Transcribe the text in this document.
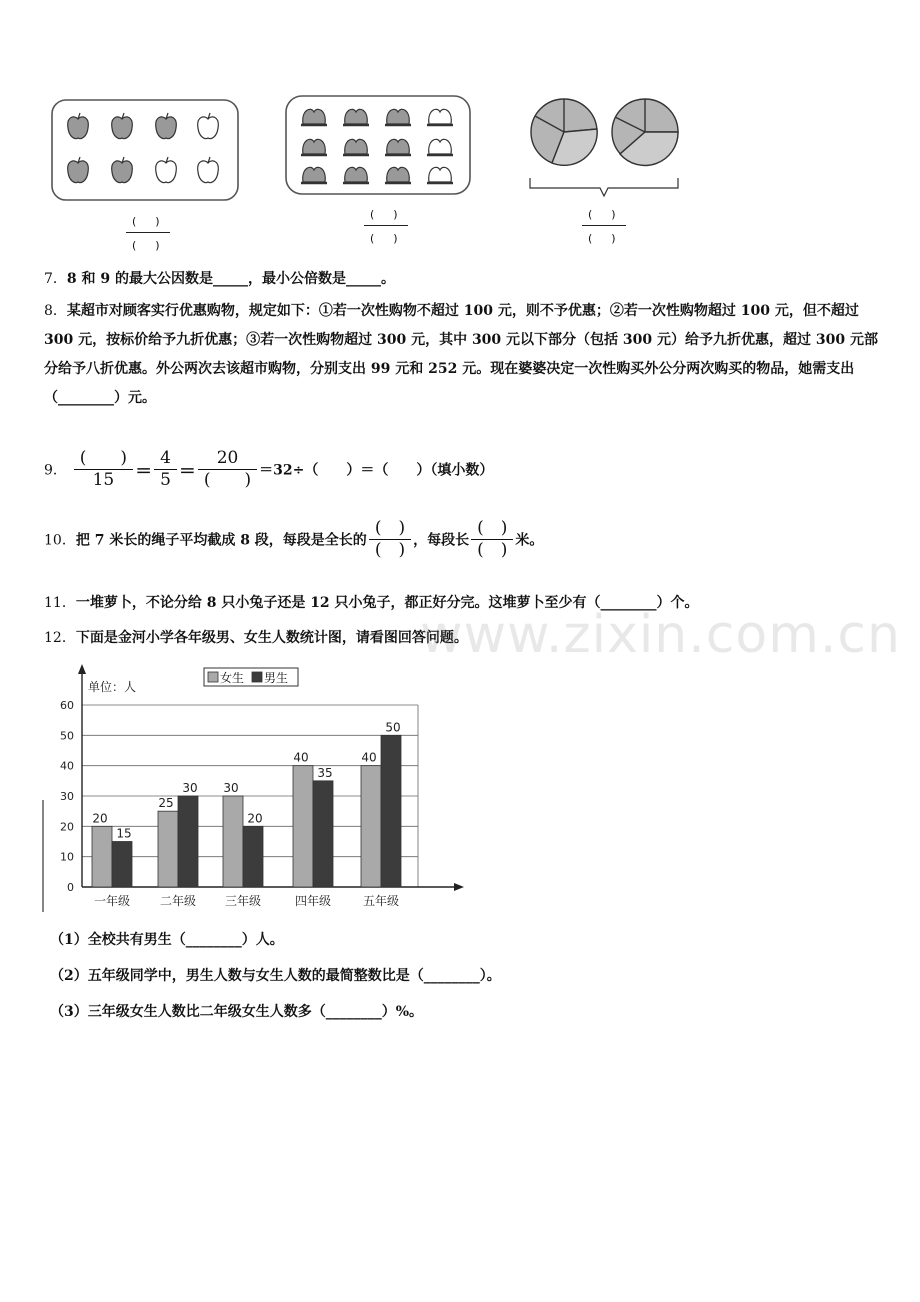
(　)
(　)
(　)
(　)
(　)
(　)
7．8 和 9 的最大公因数是_____，最小公倍数是_____。
8．某超市对顾客实行优惠购物，规定如下：①若一次性购物不超过 100 元，则不予优惠；②若一次性购物超过 100 元，但不超过 300 元，按标价给予九折优惠；③若一次性购物超过 300 元，其中 300 元以下部分（包括 300 元）给予九折优惠，超过 300 元部分给予八折优惠。外公两次去该超市购物，分别支出 99 元和 252 元。现在婆婆决定一次性购买外公分两次购买的物品，她需支出（________）元。
9． $\frac{( )}{15} = \frac{4}{5} = \frac{20}{( )} =32\div$（　　）＝（　　）（填小数）
10．把 7 米长的绳子平均截成 8 段，每段是全长的 $\frac{( )}{( )}$ ，每段长 $\frac{( )}{( )}$ 米。
11．一堆萝卜，不论分给 8 只小兔子还是 12 只小兔子，都正好分完。这堆萝卜至少有（________）个。
12．下面是金河小学各年级男、女生人数统计图，请看图回答问题。
www.zixin.com.cn
0
10
20
30
40
50
60
单位：人
女生 男生
20
15
一年级
25
30
二年级
30
20
三年级
40
35
四年级
40
50
五年级
（1）全校共有男生（________）人。
（2）五年级同学中，男生人数与女生人数的最简整数比是（________）。
（3）三年级女生人数比二年级女生人数多（________）%。
